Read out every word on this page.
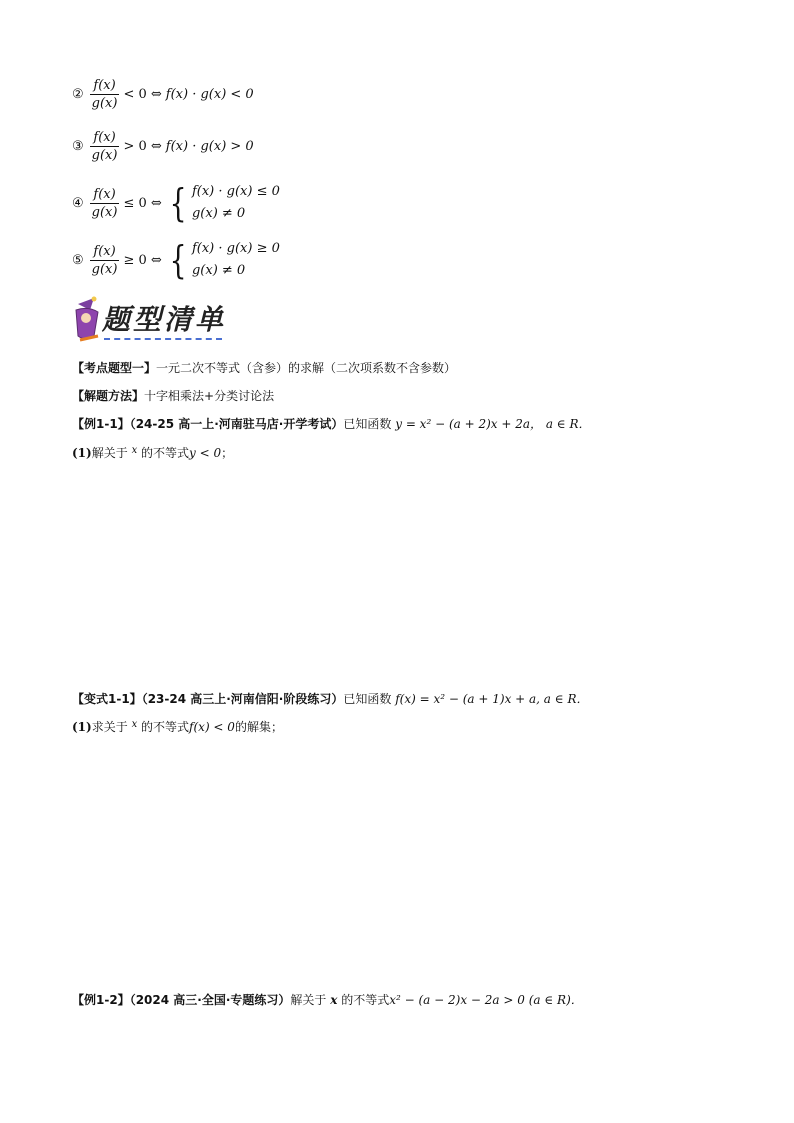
② $\frac{f(x)}{g(x)} < 0$ ⇔ f(x) · g(x) < 0
③ $\frac{f(x)}{g(x)} > 0$ ⇔ f(x) · g(x) > 0
④ $\frac{f(x)}{g(x)} \le 0$ ⇔ { f(x) · g(x) ≤ 0
g(x) ≠ 0
⑤ $\frac{f(x)}{g(x)} \ge 0$ ⇔ { f(x) · g(x) ≥ 0
g(x) ≠ 0
题型清单
【考点题型一】一元二次不等式（含参）的求解（二次项系数不含参数）
【解题方法】十字相乘法+分类讨论法
【例1-1】（24-25 高一上·河南驻马店·开学考试）已知函数 y = x² − (a + 2)x + 2a， a ∈ R．
(1)解关于 $^x$ 的不等式y < 0；
【变式1-1】（23-24 高三上·河南信阳·阶段练习）已知函数 f(x) = x² − (a + 1)x + a, a ∈ R．
(1)求关于 $^x$ 的不等式f(x) < 0的解集；
【例1-2】（2024 高三·全国·专题练习）解关于 x 的不等式x² − (a − 2)x − 2a > 0 (a ∈ R)．
